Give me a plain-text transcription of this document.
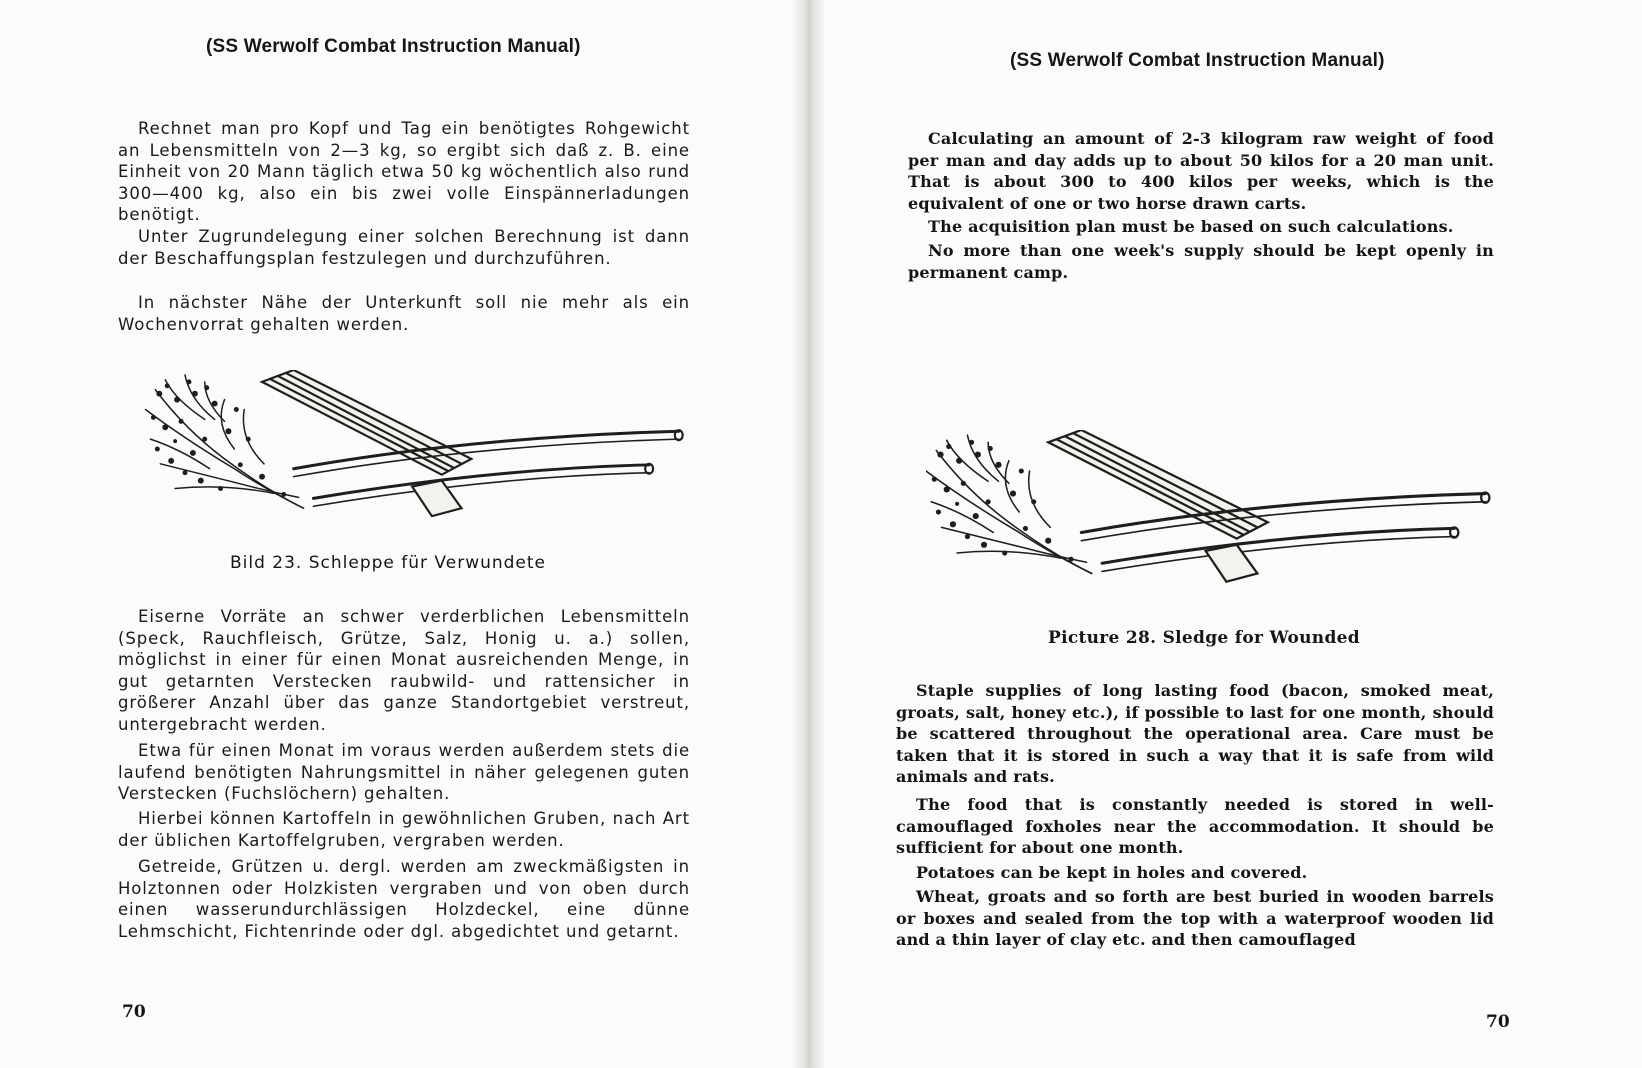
(SS Werwolf Combat Instruction Manual)

Rechnet man pro Kopf und Tag ein benötigtes Rohgewicht an Lebensmitteln von 2—3 kg, so ergibt sich daß z. B. eine Einheit von 20 Mann täglich etwa 50 kg wöchentlich also rund 300—400 kg, also ein bis zwei volle Einspännerladungen benötigt.

Unter Zugrundelegung einer solchen Berechnung ist dann der Beschaffungsplan festzulegen und durchzuführen.

In nächster Nähe der Unterkunft soll nie mehr als ein Wochenvorrat gehalten werden.

Bild 23. Schleppe für Verwundete

Eiserne Vorräte an schwer verderblichen Lebensmitteln (Speck, Rauchfleisch, Grütze, Salz, Honig u. a.) sollen, möglichst in einer für einen Monat ausreichenden Menge, in gut getarnten Verstecken raubwild- und rattensicher in größerer Anzahl über das ganze Standortgebiet verstreut, untergebracht werden.

Etwa für einen Monat im voraus werden außerdem stets die laufend benötigten Nahrungsmittel in näher gelegenen guten Verstecken (Fuchslöchern) gehalten.

Hierbei können Kartoffeln in gewöhnlichen Gruben, nach Art der üblichen Kartoffelgruben, vergraben werden.

Getreide, Grützen u. dergl. werden am zweckmäßigsten in Holztonnen oder Holzkisten vergraben und von oben durch einen wasserundurchlässigen Holzdeckel, eine dünne Lehmschicht, Fichtenrinde oder dgl. abgedichtet und getarnt.

70
(SS Werwolf Combat Instruction Manual)

Calculating an amount of 2-3 kilogram raw weight of food per man and day adds up to about 50 kilos for a 20 man unit. That is about 300 to 400 kilos per weeks, which is the equivalent of one or two horse drawn carts.

The acquisition plan must be based on such calculations.

No more than one week's supply should be kept openly in permanent camp.

Picture 28. Sledge for Wounded

Staple supplies of long lasting food (bacon, smoked meat, groats, salt, honey etc.), if possible to last for one month, should be scattered throughout the operational area. Care must be taken that it is stored in such a way that it is safe from wild animals and rats.

The food that is constantly needed is stored in well-camouflaged foxholes near the accommodation. It should be sufficient for about one month.

Potatoes can be kept in holes and covered.

Wheat, groats and so forth are best buried in wooden barrels or boxes and sealed from the top with a waterproof wooden lid and a thin layer of clay etc. and then camouflaged

70
